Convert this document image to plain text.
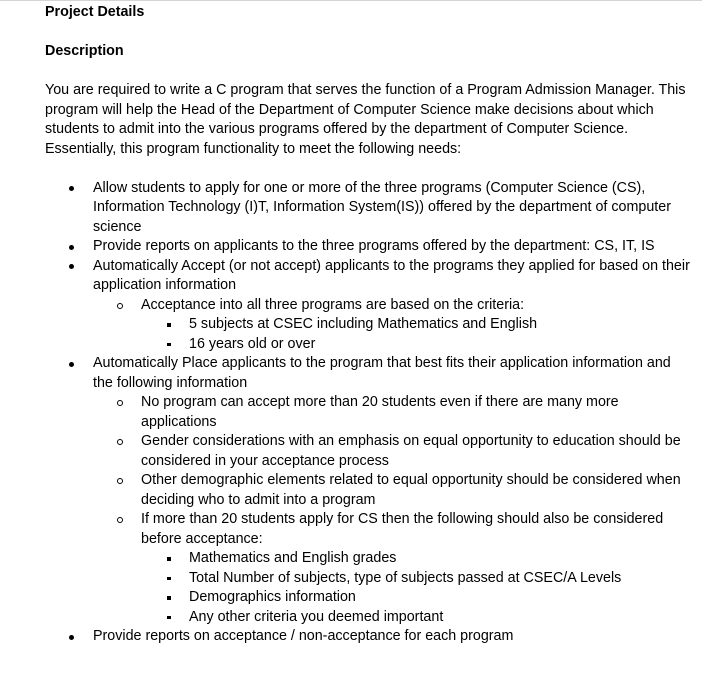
Project Details

Description

You are required to write a C program that serves the function of a Program Admission Manager. This program will help the Head of the Department of Computer Science make decisions about which students to admit into the various programs offered by the department of Computer Science.
Essentially, this program functionality to meet the following needs:

Allow students to apply for one or more of the three programs (Computer Science (CS), Information Technology (I)T, Information System(IS)) offered by the department of computer science
Provide reports on applicants to the three programs offered by the department: CS, IT, IS
Automatically Accept (or not accept) applicants to the programs they applied for based on their application information
Acceptance into all three programs are based on the criteria:
5 subjects at CSEC including Mathematics and English
16 years old or over
Automatically Place applicants to the program that best fits their application information and the following information
No program can accept more than 20 students even if there are many more applications
Gender considerations with an emphasis on equal opportunity to education should be considered in your acceptance process
Other demographic elements related to equal opportunity should be considered when deciding who to admit into a program
If more than 20 students apply for CS then the following should also be considered before acceptance:
Mathematics and English grades
Total Number of subjects, type of subjects passed at CSEC/A Levels
Demographics information
Any other criteria you deemed important
Provide reports on acceptance / non-acceptance for each program
